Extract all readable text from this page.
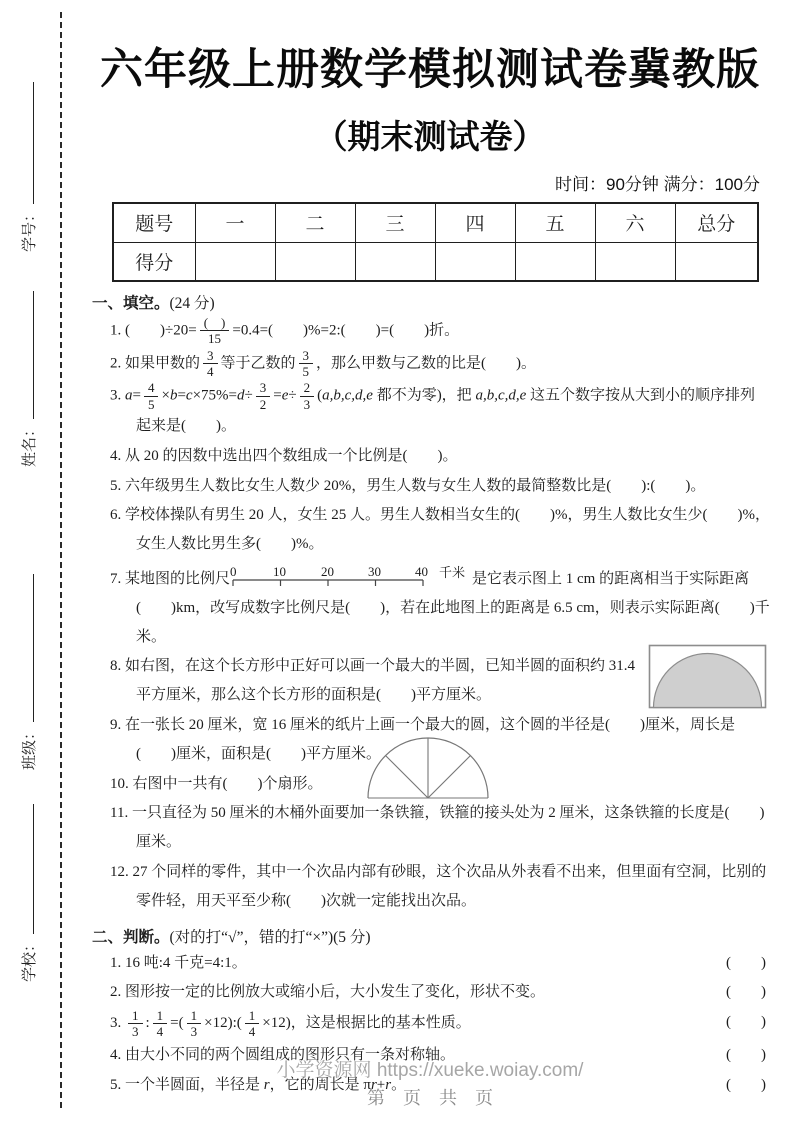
学号：
姓名：
班级：
学校：
六年级上册数学模拟测试卷冀教版
（期末测试卷）
时间：90分钟 满分：100分
题号	一	二	三	四	五	六	总分
得分							
一、填空。(24 分)
1. (　　)$\div 20= \frac{( )}{15} =0.4=$(　　)%=2:(　　)=(　　)折。
2. 如果甲数的 $\frac{3}{4}$ 等于乙数的 $\frac{3}{5}$ ，那么甲数与乙数的比是(　　)。
3. $a= \frac{4}{5} \times b=c\times 75\%=d\div \frac{3}{2} =e\div \frac{2}{3} (a,b,c,d,e$ 都不为零)，把 a,b,c,d,e 这五个数字按从大到小的顺序排列起来是(　　)。
4. 从 20 的因数中选出四个数组成一个比例是(　　)。
5. 六年级男生人数比女生人数少 20%，男生人数与女生人数的最简整数比是(　　):(　　)。
6. 学校体操队有男生 20 人，女生 25 人。男生人数相当女生的(　　)%，男生人数比女生少(　　)%，女生人数比男生多(　　)%。
7. 某地图的比例尺 0	10	20	30	40 千米 是它表示图上 1 cm 的距离相当于实际距离 (　　)km，改写成数字比例尺是(　　)，若在此地图上的距离是 6.5 cm，则表示实际距离(　　)千米。
8. 如右图，在这个长方形中正好可以画一个最大的半圆，已知半圆的面积约 31.4 平方厘米，那么这个长方形的面积是(　　)平方厘米。
9. 在一张长 20 厘米，宽 16 厘米的纸片上画一个最大的圆，这个圆的半径是(　　)厘米，周长是(　　)厘米，面积是(　　)平方厘米。
10. 右图中一共有(　　)个扇形。
11. 一只直径为 50 厘米的木桶外面要加一条铁箍，铁箍的接头处为 2 厘米，这条铁箍的长度是(　　)厘米。
12. 27 个同样的零件，其中一个次品内部有砂眼，这个次品从外表看不出来，但里面有空洞，比别的零件轻，用天平至少称(　　)次就一定能找出次品。
二、判断。(对的打“√”，错的打“×”)(5 分)
(　　)
1. 16 吨:4 千克=4:1。
(　　)
2. 图形按一定的比例放大或缩小后，大小发生了变化，形状不变。
(　　)
3. $\frac{1}{3}$ : $\frac{1}{4}$ =( $\frac{1}{3}$ ×12):( $\frac{1}{4} \times 12$)，这是根据比的基本性质。
(　　)
4. 由大小不同的两个圆组成的图形只有一条对称轴。
(　　)
5. 一个半圆面，半径是 r，它的周长是 πr+r。
小学资源网 https://xueke.woiay.com/
第　页　共　页
